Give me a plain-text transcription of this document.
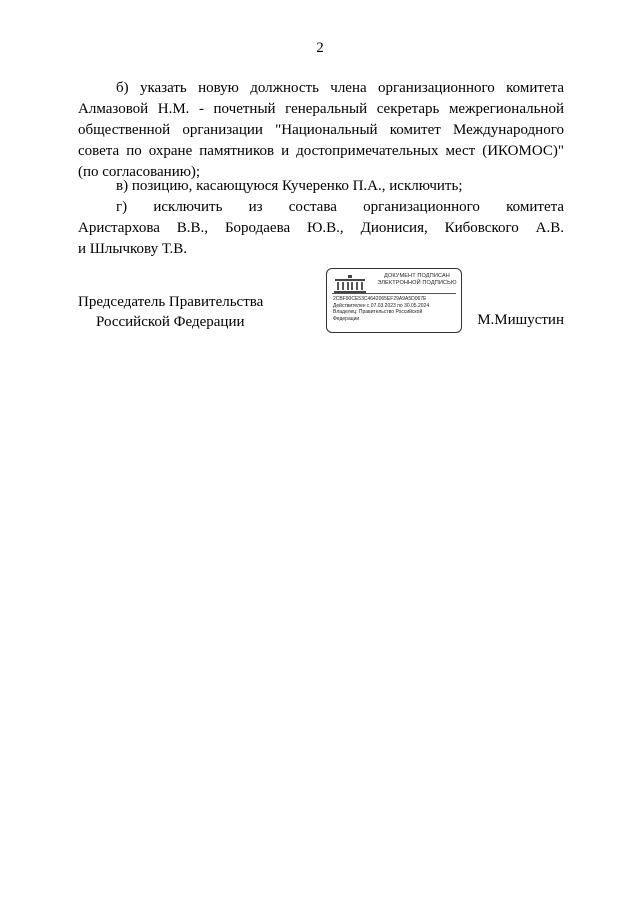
2
б) указать новую должность члена организационного комитета Алмазовой Н.М. - почетный генеральный секретарь межрегиональной общественной организации "Национальный комитет Международного совета по охране памятников и достопримечательных мест (ИКОМОС)" (по согласованию);
в) позицию, касающуюся Кучеренко П.А., исключить;
г) исключить из состава организационного комитета
Аристархова В.В., Бородаева Ю.В., Дионисия, Кибовского А.В.
и Шлычкову Т.В.
Председатель Правительства
Российской Федерации
ДОКУМЕНТ ПОДПИСАН
ЭЛЕКТРОННОЙ ПОДПИСЬЮ
2CBF90CE53C4642065EF29A9A5D067E
Действителен с 07.03.2023 по 30.05.2024
Владелец: Правительство Российской
Федерации	М.Мишустин
